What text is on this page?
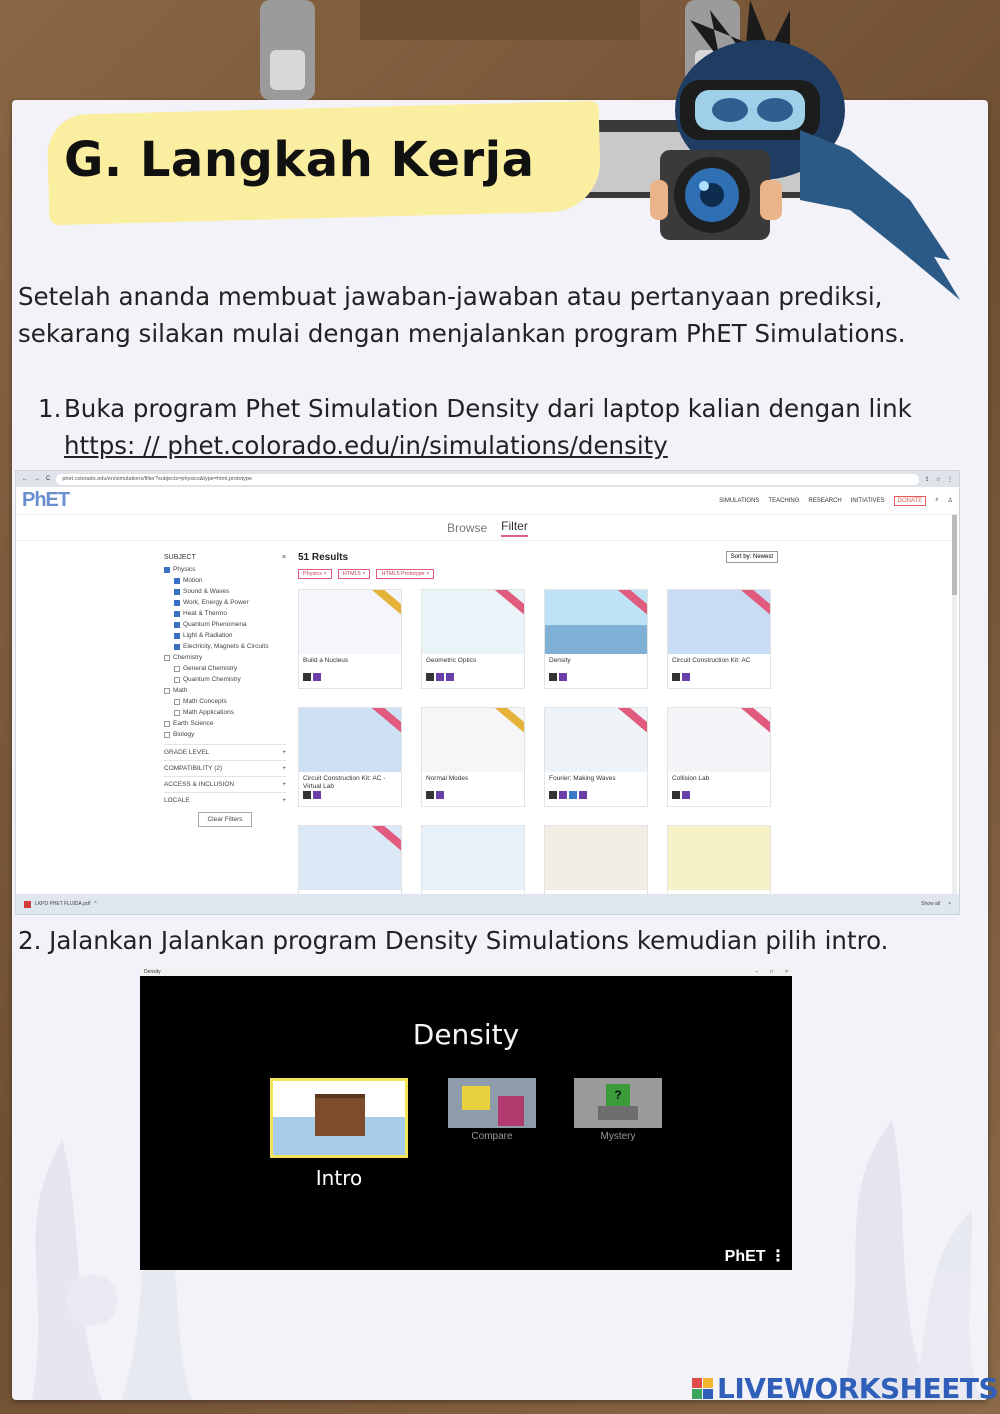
G. Langkah Kerja

Setelah ananda membuat jawaban-jawaban atau pertanyaan prediksi, sekarang silakan mulai dengan menjalankan program PhET Simulations.

1. Buka program Phet Simulation Density dari laptop kalian dengan link
https: // phet.colorado.edu/in/simulations/density
← → C	phet.colorado.edu/en/simulations/filter?subjects=physics&type=html,prototype	⇪ ☆ ⋮
PhET	SIMULATIONS TEACHING RESEARCH INITIATIVES	DONATE	⌕ ♙
Browse Filter
SUBJECT	×
Physics
Motion
Sound & Waves
Work, Energy & Power
Heat & Thermo
Quantum Phenomena
Light & Radiation
Electricity, Magnets & Circuits
Chemistry
General Chemistry
Quantum Chemistry
Math
Math Concepts
Math Applications
Earth Science
Biology
GRADE LEVEL	+
COMPATIBILITY (2)	+
ACCESS & INCLUSION	+
LOCALE	+
Clear Filters
51 Results	Sort by: Newest
Physics ×	HTML5 ×	HTML5 Prototype ×
Build a Nucleus	Geometric Optics	Density	Circuit Construction Kit: AC
Circuit Construction Kit: AC - Virtual Lab
Normal Modes	Fourier: Making Waves	Collision Lab
LKPD PHET FLUIDA.pdf ^	Show all ×

2. Jalankan Jalankan program Density Simulations kemudian pilih intro.

Density	– □ ×
Density
Intro
Compare
?
Mystery
PhET ⋮
LIVEWORKSHEETS
